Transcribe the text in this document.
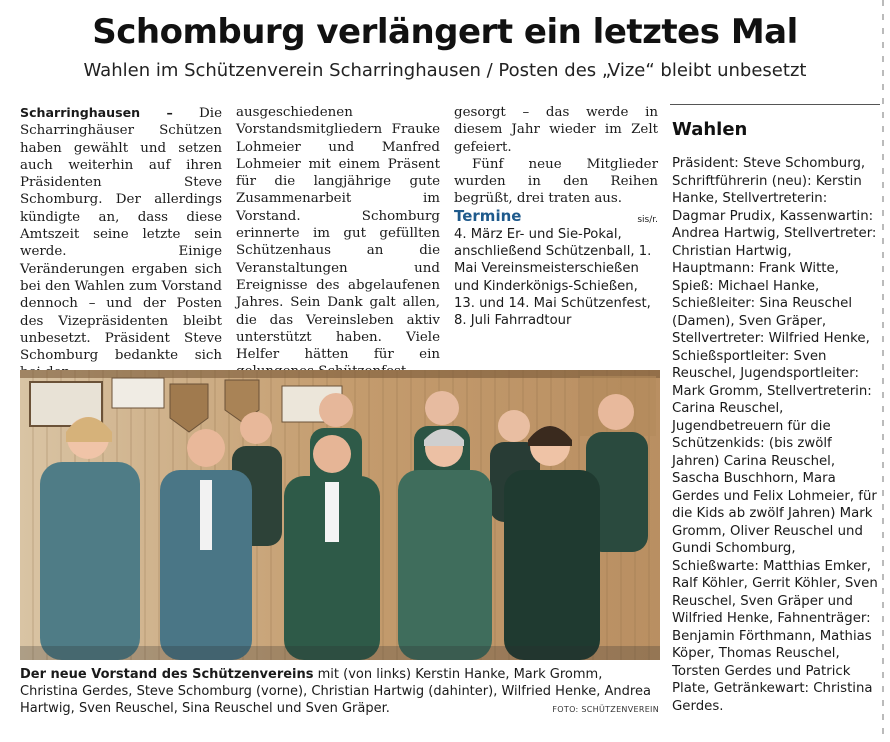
Schomburg verlängert ein letztes Mal
Wahlen im Schützenverein Scharringhausen / Posten des „Vize“ bleibt unbesetzt

Scharringhausen – Die Scharringhäuser Schützen haben gewählt und setzen auch weiterhin auf ihren Präsidenten Steve Schomburg. Der allerdings kündigte an, dass diese Amtszeit seine letzte sein werde. Einige Veränderungen ergaben sich bei den Wahlen zum Vorstand dennoch – und der Posten des Vizepräsidenten bleibt unbesetzt. Präsident Steve Schomburg bedankte sich

ausgeschiedenen Vorstandsmitgliedern Frauke Lohmeier und Manfred Lohmeier mit einem Präsent für die langjährige gute Zusammenarbeit im Vorstand. Schomburg erinnerte im gut gefüllten Schützenhaus an die Veranstaltungen und Ereignisse des abgelaufenen Jahres. Sein Dank galt allen, die das Vereinsleben aktiv unterstützt haben. Viele Helfer hätten für ein

gesorgt – das werde in diesem Jahr wieder im Zelt gefeiert.

Fünf neue Mitglieder wurden in den Reihen begrüßt, drei traten aus.
sis/r.

Termine
4. März Er- und Sie-Pokal, anschließend Schützenball, 1. Mai Vereinsmeisterschießen und Kinderkönigs-Schießen, 13. und 14. Mai Schützenfest, 8. Juli Fahrradtour
Wahlen
Präsident: Steve Schomburg, Schriftführerin (neu): Kerstin Hanke, Stellvertreterin: Dagmar Prudix, Kassenwartin: Andrea Hartwig, Stellvertreter: Christian Hartwig, Hauptmann: Frank Witte, Spieß: Michael Hanke, Schießleiter: Sina Reuschel (Damen), Sven Gräper, Stellvertreter: Wilfried Henke, Schießsportleiter: Sven Reuschel, Jugendsportleiter: Mark Gromm, Stellvertreterin: Carina Reuschel, Jugendbetreuern für die Schützenkids: (bis zwölf Jahren) Carina Reuschel, Sascha Buschhorn, Mara Gerdes und Felix Lohmeier, für die Kids ab zwölf Jahren) Mark Gromm, Oliver Reuschel und Gundi Schomburg, Schießwarte: Matthias Emker, Ralf Köhler, Gerrit Köhler, Sven Reuschel, Sven Gräper und Wilfried Henke, Fahnenträger: Benjamin Förthmann, Mathias Köper, Thomas Reuschel, Torsten Gerdes und Patrick Plate, Getränkewart: Christina Gerdes.
Der neue Vorstand des Schützenvereins mit (von links) Kerstin Hanke, Mark Gromm, Christina Gerdes, Steve Schomburg (vorne), Christian Hartwig (dahinter), Wilfried Henke, Andrea Hartwig, Sven Reuschel, Sina Reuschel und Sven Gräper.	FOTO: SCHÜTZENVEREIN
